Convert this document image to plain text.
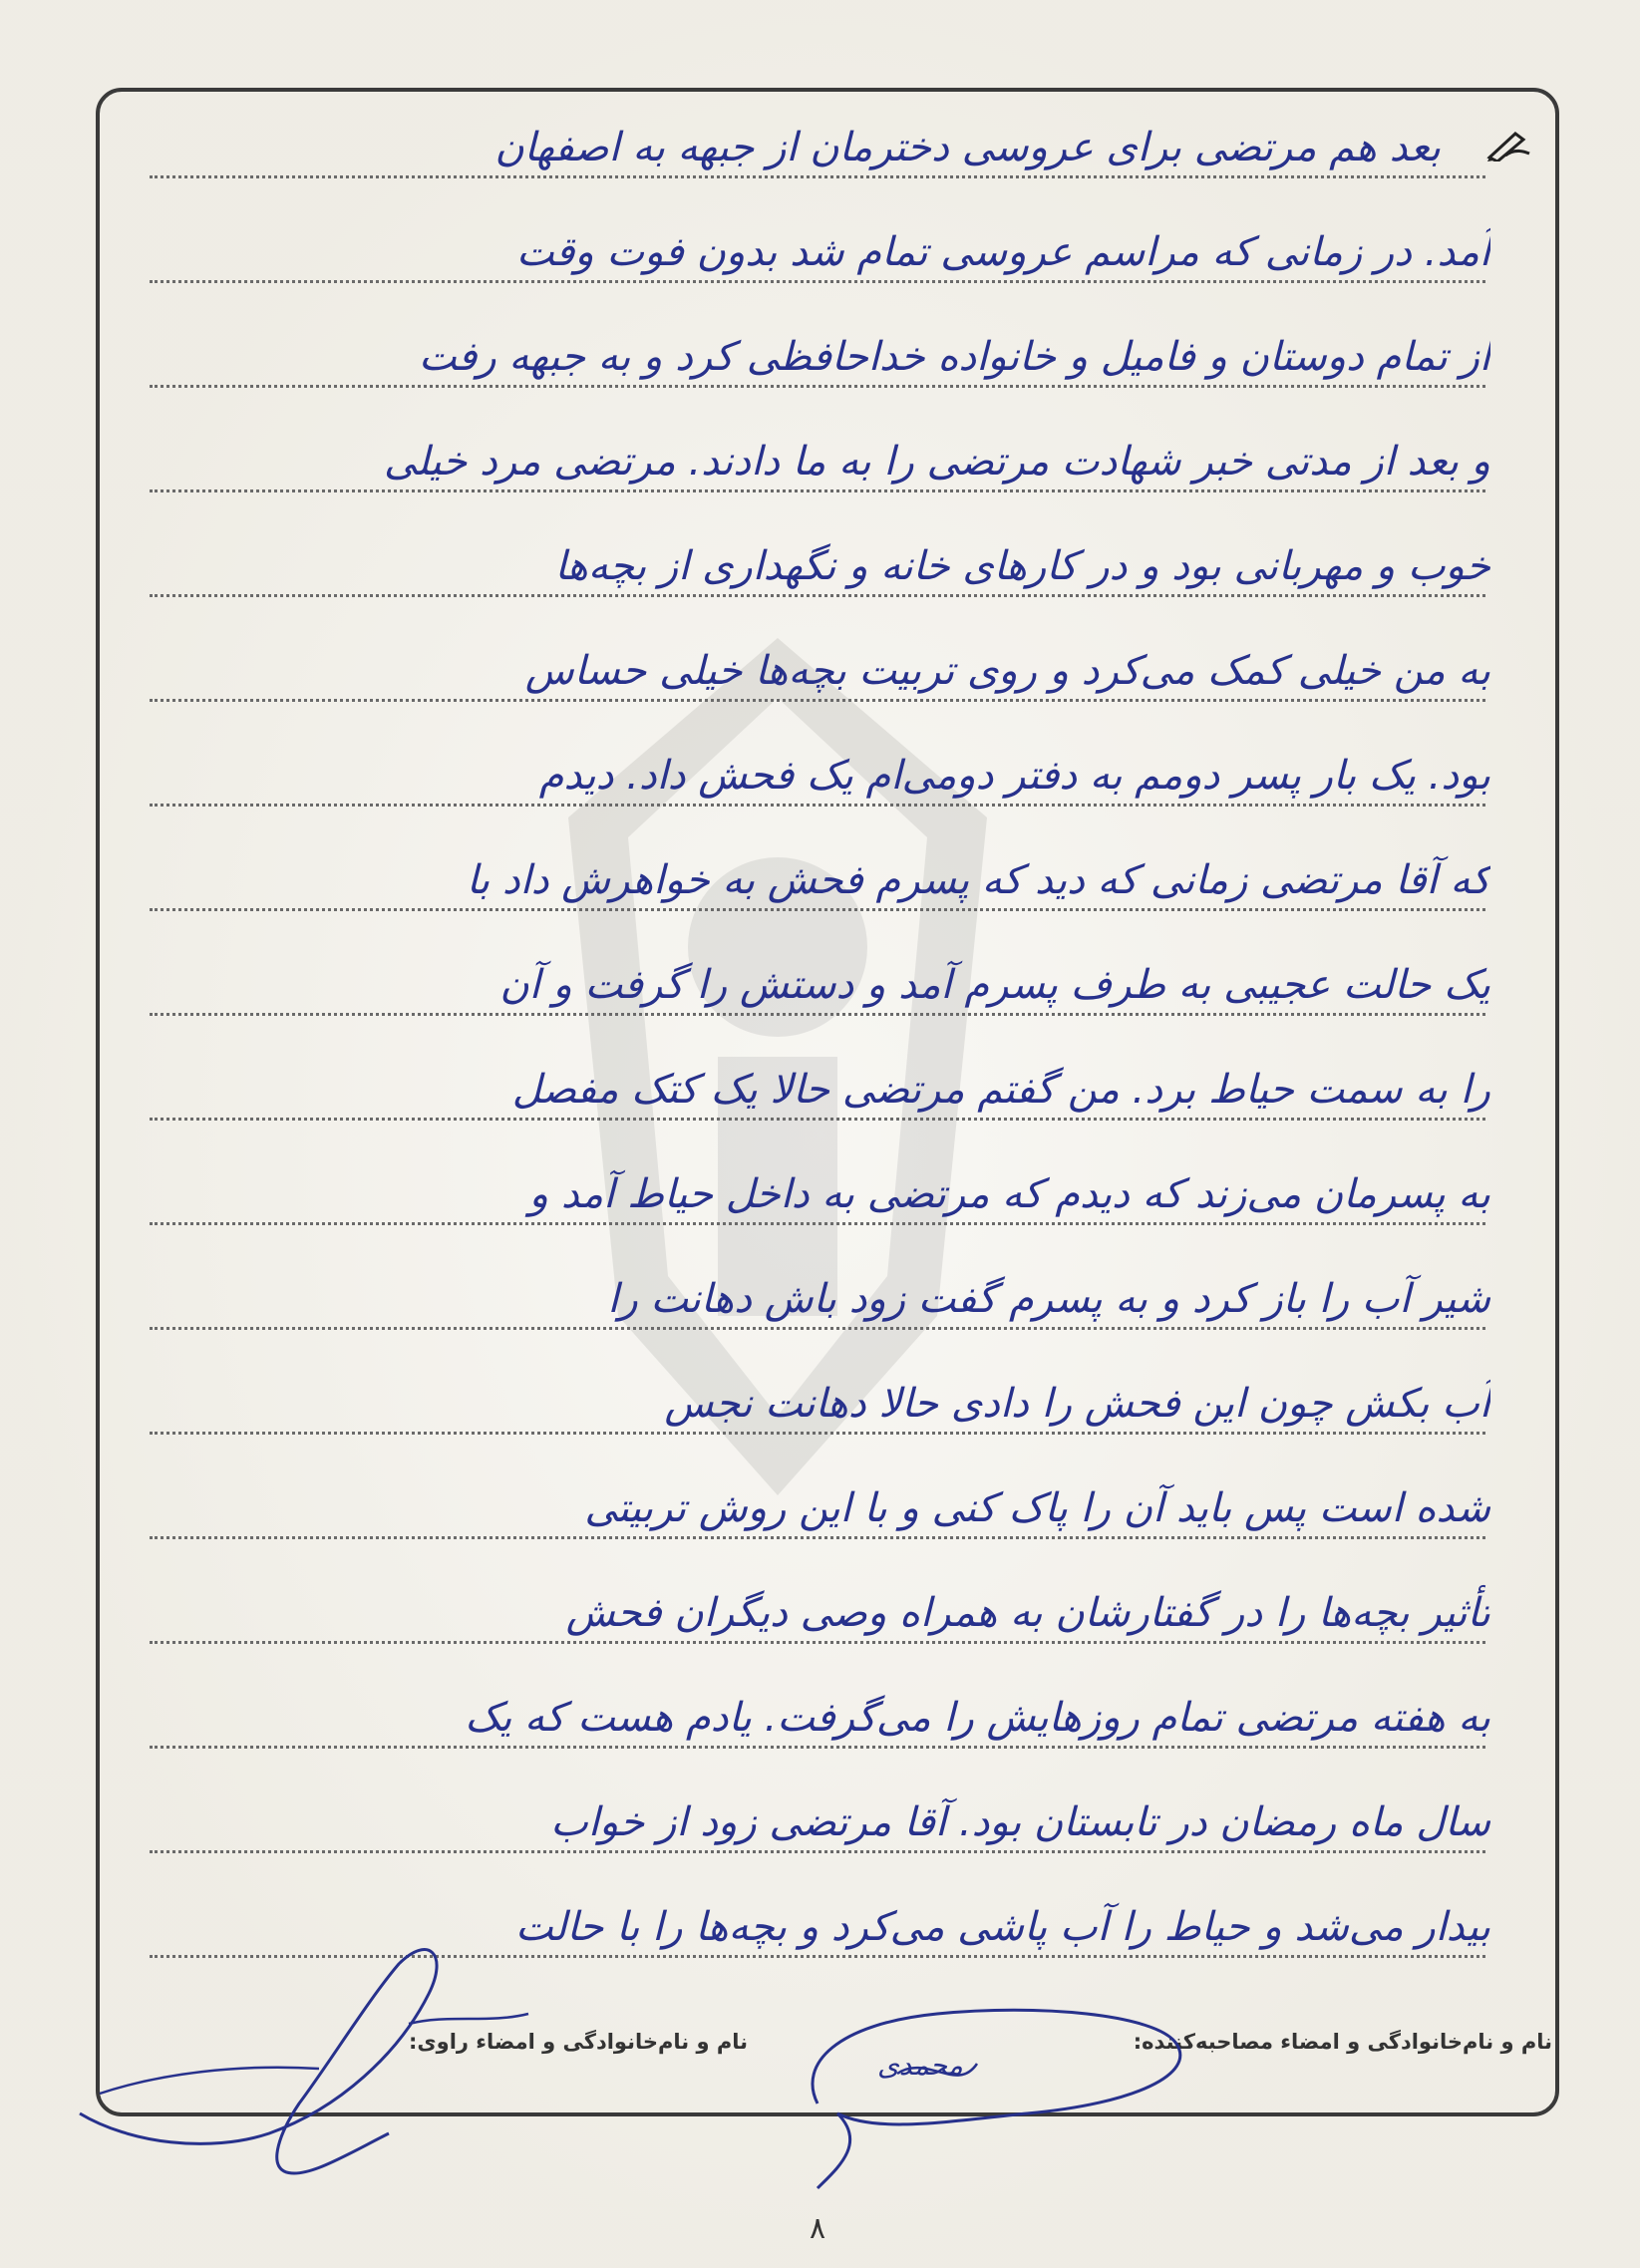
بعد هم مرتضی برای عروسی دخترمان از جبهه به اصفهان
آمد. در زمانی که مراسم عروسی تمام شد بدون فوت وقت
از تمام دوستان و فامیل و خانواده خداحافظی کرد و به جبهه رفت
و بعد از مدتی خبر شهادت مرتضی را به ما دادند. مرتضی مرد خیلی
خوب و مهربانی بود و در کارهای خانه و نگهداری از بچه‌ها
به من خیلی کمک می‌کرد و روی تربیت بچه‌ها خیلی حساس
بود. یک بار پسر دومم به دفتر دومی‌ام یک فحش داد. دیدم
که آقا مرتضی زمانی که دید که پسرم فحش به خواهرش داد با
یک حالت عجیبی به طرف پسرم آمد و دستش را گرفت و آن
را به سمت حیاط برد. من گفتم مرتضی حالا یک کتک مفصل
به پسرمان می‌زند که دیدم که مرتضی به داخل حیاط آمد و
شیر آب را باز کرد و به پسرم گفت زود باش دهانت را
آب بکش چون این فحش را دادی حالا دهانت نجس
شده است پس باید آن را پاک کنی و با این روش تربیتی
تأثیر بچه‌ها را در گفتارشان به همراه وصی دیگران فحش
به هفته مرتضی تمام روزهایش را می‌گرفت. یادم هست که یک
سال ماه رمضان در تابستان بود. آقا مرتضی زود از خواب
بیدار می‌شد و حیاط را آب پاشی می‌کرد و بچه‌ها را با حالت
نام و نام‌خانوادگی و امضاء مصاحبه‌کننده:
نام و نام‌خانوادگی و امضاء راوی:
محمدی
۸
